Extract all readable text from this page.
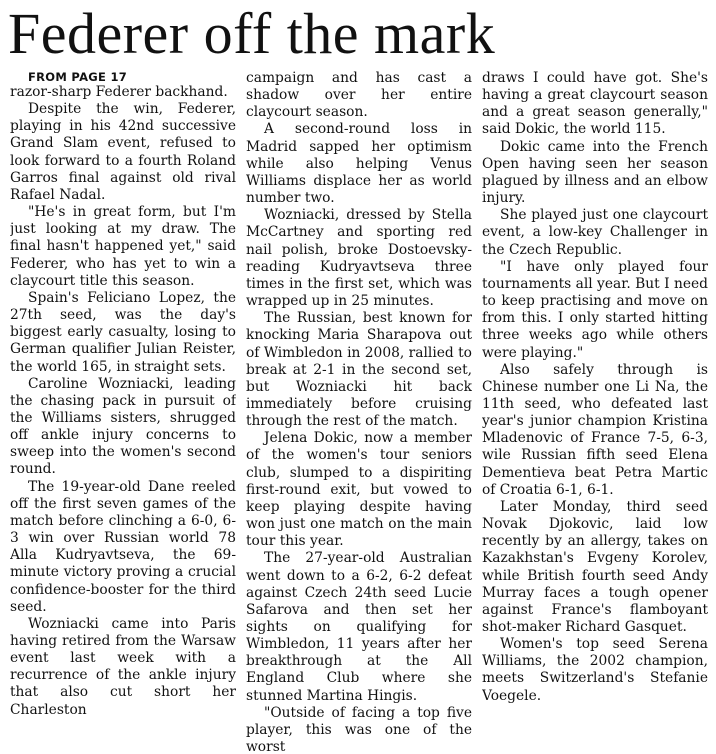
Federer off the mark

FROM PAGE 17

razor-sharp Federer backhand.

Despite the win, Federer, playing in his 42nd successive Grand Slam event, refused to look forward to a fourth Roland Garros final against old rival Rafael Nadal.

"He's in great form, but I'm just looking at my draw. The final hasn't happened yet," said Federer, who has yet to win a claycourt title this season.

Spain's Feliciano Lopez, the 27th seed, was the day's biggest early casualty, losing to German qualifier Julian Reister, the world 165, in straight sets.

Caroline Wozniacki, leading the chasing pack in pursuit of the Williams sisters, shrugged off ankle injury concerns to sweep into the women's second round.

The 19-year-old Dane reeled off the first seven games of the match before clinching a 6-0, 6-3 win over Russian world 78 Alla Kudryavtseva, the 69-minute victory proving a crucial confidence-booster for the third seed.

Wozniacki came into Paris having retired from the Warsaw event last week with a recurrence of the ankle injury that also cut short her Charleston

campaign and has cast a shadow over her entire claycourt season.

A second-round loss in Madrid sapped her optimism while also helping Venus Williams displace her as world number two.

Wozniacki, dressed by Stella McCartney and sporting red nail polish, broke Dostoevsky-reading Kudryavtseva three times in the first set, which was wrapped up in 25 minutes.

The Russian, best known for knocking Maria Sharapova out of Wimbledon in 2008, rallied to break at 2-1 in the second set, but Wozniacki hit back immediately before cruising through the rest of the match.

Jelena Dokic, now a member of the women's tour seniors club, slumped to a dispiriting first-round exit, but vowed to keep playing despite having won just one match on the main tour this year.

The 27-year-old Australian went down to a 6-2, 6-2 defeat against Czech 24th seed Lucie Safarova and then set her sights on qualifying for Wimbledon, 11 years after her breakthrough at the All England Club where she stunned Martina Hingis.

"Outside of facing a top five player, this was one of the worst

draws I could have got. She's having a great claycourt season and a great season generally," said Dokic, the world 115.

Dokic came into the French Open having seen her season plagued by illness and an elbow injury.

She played just one claycourt event, a low-key Challenger in the Czech Republic.

"I have only played four tournaments all year. But I need to keep practising and move on from this. I only started hitting three weeks ago while others were playing."

Also safely through is Chinese number one Li Na, the 11th seed, who defeated last year's junior champion Kristina Mladenovic of France 7-5, 6-3, wile Russian fifth seed Elena Dementieva beat Petra Martic of Croatia 6-1, 6-1.

Later Monday, third seed Novak Djokovic, laid low recently by an allergy, takes on Kazakhstan's Evgeny Korolev, while British fourth seed Andy Murray faces a tough opener against France's flamboyant shot-maker Richard Gasquet.

Women's top seed Serena Williams, the 2002 champion, meets Switzerland's Stefanie Voegele.
